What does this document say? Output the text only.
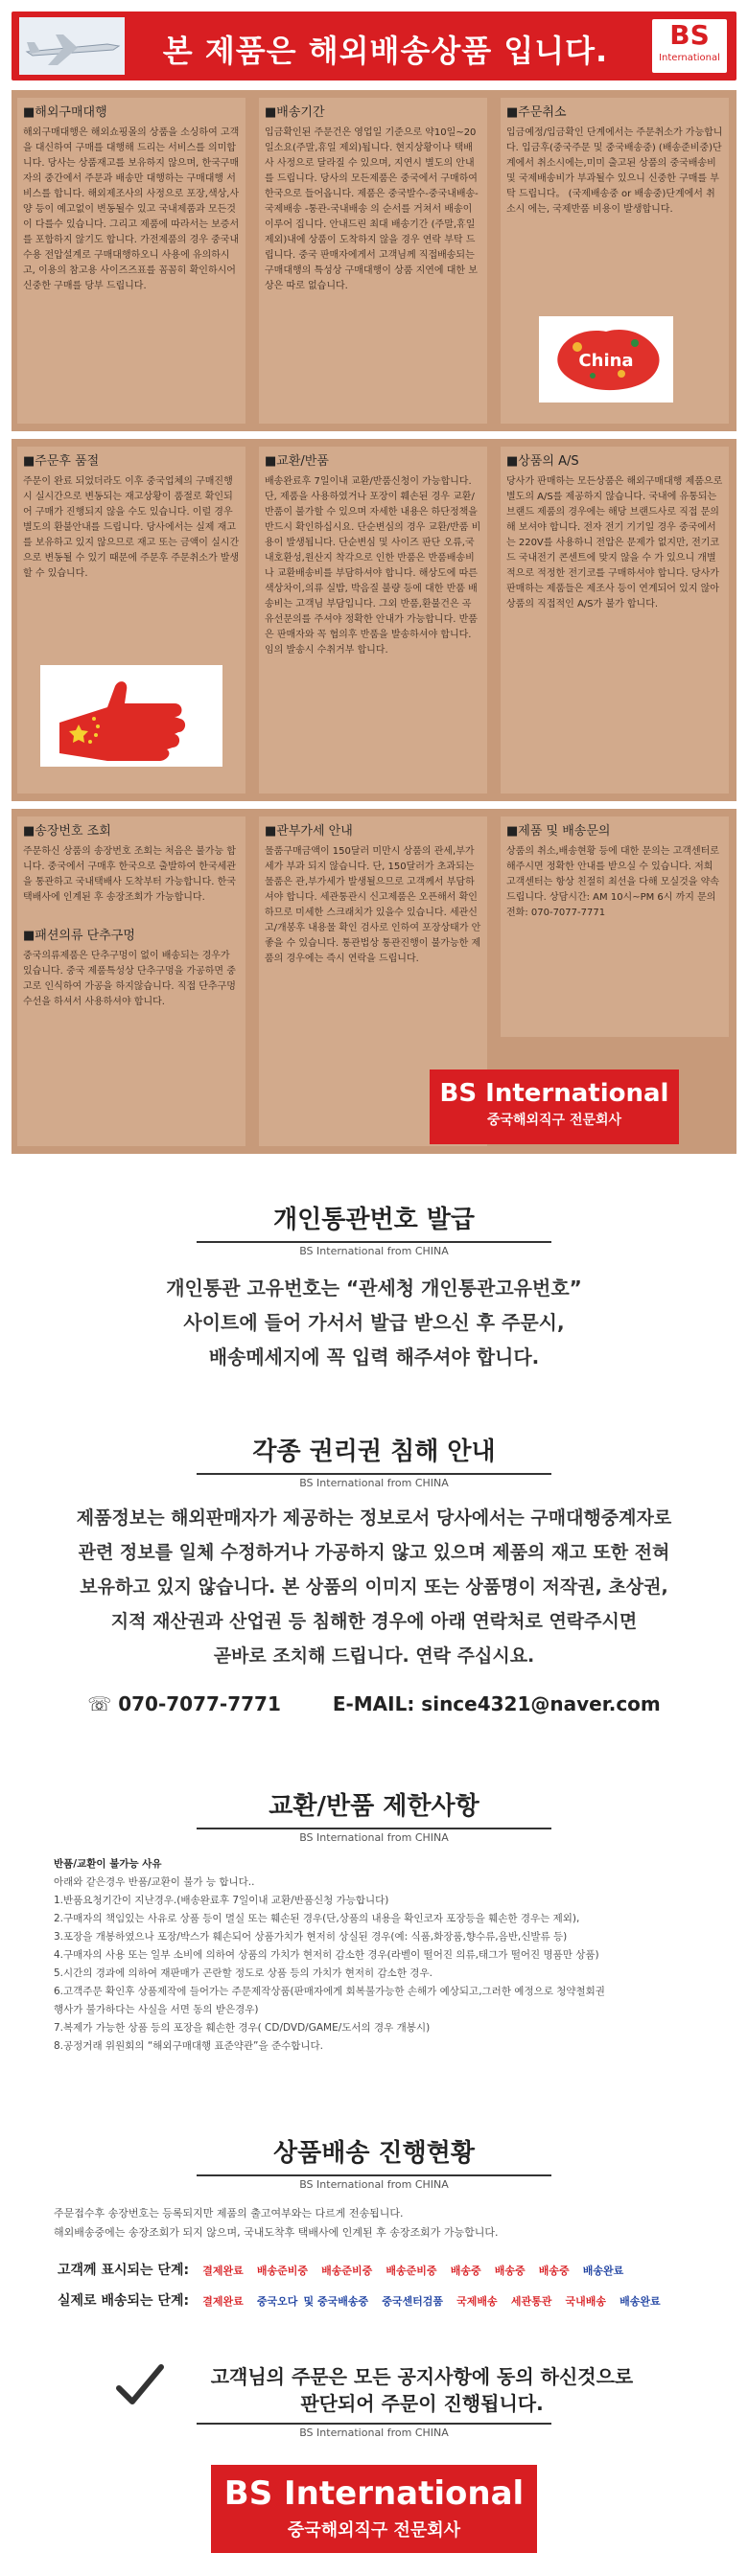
본 제품은 해외배송상품 입니다.	BS
International
■해외구매대행
해외구매대행은 해외쇼핑몰의 상품을 소싱하여 고객을 대신하여 구매를 대행해 드리는 서비스를 의미합니다. 당사는 상품재고를 보유하지 않으며, 한국구매자의 중간에서 주문과 배송만 대행하는 구매대행 서비스를 합니다. 해외제조사의 사정으로 포장,색상,사양 등이 예고없이 변동될수 있고 국내제품과 모든것이 다를수 있습니다. 그리고 제품에 따라서는 보증서를 포함하지 않기도 합니다. 가전제품의 경우 중국내수용 전압설계로 구매대행하오니 사용에 유의하시고, 이용의 참고용 사이즈즈표를 꼼꼼히 확인하시어 신중한 구매를 당부 드립니다.
■배송기간
입금확인된 주문건은 영업일 기준으로 약10일~20일소요(주말,휴일 제외)됩니다. 현지상황이나 택배사 사정으로 달라질 수 있으며, 지연시 별도의 안내를 드립니다. 당사의 모든제품은 중국에서 구매하여 한국으로 들어옵니다. 제품은 중국발수-중국내배송-국제배송 -통관-국내배송 의 순서를 거쳐서 배송이 이루어 집니다. 안내드린 최대 배송기간 (주말,휴일 제외)내에 상품이 도착하지 않을 경우 연락 부탁 드립니다. 중국 판매자에게서 고객님께 직접배송되는 구매대행의 특성상 구매대행이 상품 지연에 대한 보상은 따로 없습니다.
■주문취소
입금예정/입금확인 단계에서는 주문취소가 가능합니다. 입금후(중국주문 및 중국배송중) (배송준비중)단계에서 취소시에는,미미 출고된 상품의 중국배송비 및 국제배송비가 부과될수 있으니 신중한 구매를 부탁 드립니다。 (국제배송중 or 배송중)단계에서 취소시 에는, 국제반품 비용이 발생합니다.
China
■주문후 품절
주문이 완료 되었더라도 이후 중국업체의 구매진행시 실시간으로 변동되는 재고상황이 품절로 확인되어 구매가 진행되지 않을 수도 있습니다. 이럴 경우 별도의 환불안내를 드립니다. 당사에서는 실제 재고를 보유하고 있지 않으므로 재고 또는 금액이 실시간으로 변동될 수 있기 때문에 주문후 주문취소가 발생할 수 있습니다.
■교환/반품
배송완료후 7일이내 교환/반품신청이 가능합니다. 단, 제품을 사용하였거나 포장이 훼손된 경우 교환/반품이 불가할 수 있으며 자세한 내용은 하단정책을 반드시 확인하십시요. 단순변심의 경우 교환/반품 비용이 발생됩니다. 단순변심 및 사이즈 판단 오류,국내호환성,원산지 착각으로 인한 반품은 반품배송비 나 교환배송비를 부담하셔야 합니다. 해상도에 따른 색상차이,의류 실밥, 박음질 불량 등에 대한 반품 배송비는 고객님 부담입니다. 그외 반품,환불건은 곡 유선문의를 주셔야 정확한 안내가 가능합니다. 반품은 판매자와 꼭 협의후 반품을 발송하셔야 합니다. 임의 발송시 수취거부 합니다.
■상품의 A/S
당사가 판매하는 모든상품은 해외구매대행 제품으로 별도의 A/S를 제공하지 않습니다. 국내에 유통되는 브랜드 제품의 경우에는 해당 브랜드사로 직접 문의해 보셔야 합니다. 전자 전기 기기일 경우 중국에서는 220V를 사용하니 전압은 문제가 없지만, 전기코드 국내전기 콘센트에 맞지 않을 수 가 있으니 개별적으로 적정한 전기코를 구매하셔야 합니다. 당사가 판매하는 제품들은 제조사 등이 연계되어 있지 않아 상품의 직접적인 A/S가 불가 합니다.
■송장번호 조회
주문하신 상품의 송장번호 조회는 처음은 불가능 합니다. 중국에서 구매후 한국으로 출발하여 한국세관을 통관하고 국내택배사 도착부터 가능합니다. 한국택배사에 인계된 후 송장조회가 가능합니다.
■패션의류 단추구멍
중국의류제품은 단추구멍이 없이 배송되는 경우가 있습니다. 중국 제품특성상 단추구멍을 가공하면 중고로 인식하여 가공을 하지않습니다. 직접 단추구멍 수선을 하셔서 사용하셔야 합니다.
■관부가세 안내
물품구매금액이 150달러 미만시 상품의 관세,부가세가 부과 되지 않습니다. 단, 150달러가 초과되는 물품은 관,부가세가 발생될으므로 고객께서 부담하셔야 합니다. 세관통관시 신고제품은 오픈해서 확인하므로 미세한 스크래치가 있을수 있습니다. 세관신고/개봉후 내용물 확인 검사로 인하여 포장상태가 안좋을 수 있습니다. 통관법상 통관진행이 불가능한 제품의 경우에는 즉시 연락을 드립니다.
■제품 및 배송문의
상품의 취소,배송현황 등에 대한 문의는 고객센터로 해주시면 정확한 안내를 받으실 수 있습니다. 저희 고객센터는 항상 친절히 최선을 다해 모실것을 약속 드립니다. 상담시간: AM 10시~PM 6시 까지 문의전화: 070-7077-7771
BS International
중국해외직구 전문회사
개인통관번호 발급
BS International from CHINA
개인통관 고유번호는 “관세청 개인통관고유번호”
사이트에 들어 가서서 발급 받으신 후 주문시,
배송메세지에 꼭 입력 해주셔야 합니다.
각종 권리권 침해 안내
BS International from CHINA
제품정보는 해외판매자가 제공하는 정보로서 당사에서는 구매대행중계자로
관련 정보를 일체 수정하거나 가공하지 않고 있으며 제품의 재고 또한 전혀
보유하고 있지 않습니다. 본 상품의 이미지 또는 상품명이 저작권, 초상권,
지적 재산권과 산업권 등 침해한 경우에 아래 연락처로 연락주시면
곧바로 조치해 드립니다. 연락 주십시요.
☏ 070-7077-7771	E-MAIL: since4321@naver.com
교환/반품 제한사항
BS International from CHINA
반품/교환이 불가능 사유
아래와 같은경우 반품/교환이 불가 능 합니다..
1.반품요청기간이 지난경우.(배송완료후 7일이내 교환/반품신청 가능합니다)
2.구매자의 책임있는 사유로 상품 등이 멸실 또는 훼손된 경우(단,상품의 내용을 확인코자 포장등을 훼손한 경우는 제외),
3.포장을 개봉하였으나 포장/박스가 훼손되어 상품가치가 현저히 상실된 경우(예: 식품,화장품,향수류,음반,신발류 등)
4.구매자의 사용 또는 일부 소비에 의하여 상품의 가치가 현저히 감소한 경우(라벨이 떨어진 의류,태그가 떨어진 명품만 상품)
5.시간의 경과에 의하여 재판매가 곤란할 정도로 상품 등의 가치가 현저히 감소한 경우.
6.고객주문 확인후 상품제작에 들어가는 주문제작상품(판매자에게 회복불가능한 손해가 예상되고,그러한 예정으로 청약철회권
행사가 불가하다는 사실을 서면 동의 받은경우)
7.복제가 가능한 상품 등의 포장을 훼손한 경우( CD/DVD/GAME/도서의 경우 개봉시)
8.공정거래 위원회의 “해외구매대행 표준약관”을 준수합니다.
상품배송 진행현황
BS International from CHINA
주문접수후 송장번호는 등록되지만 제품의 출고여부와는 다르게 전송됩니다.
해외배송중에는 송장조회가 되지 않으며, 국내도착후 택배사에 인계된 후 송장조회가 가능합니다.
고객께 표시되는 단계: 결제완료 배송준비중 배송준비중 배송준비중 배송중 배송중 배송중 배송완료
실제로 배송되는 단계: 결제완료 중국오다 및 중국배송중 중국센터검품 국제배송 세관통관 국내배송 배송완료
고객님의 주문은 모든 공지사항에 동의 하신것으로
판단되어 주문이 진행됩니다.
BS International from CHINA
BS International
중국해외직구 전문회사
